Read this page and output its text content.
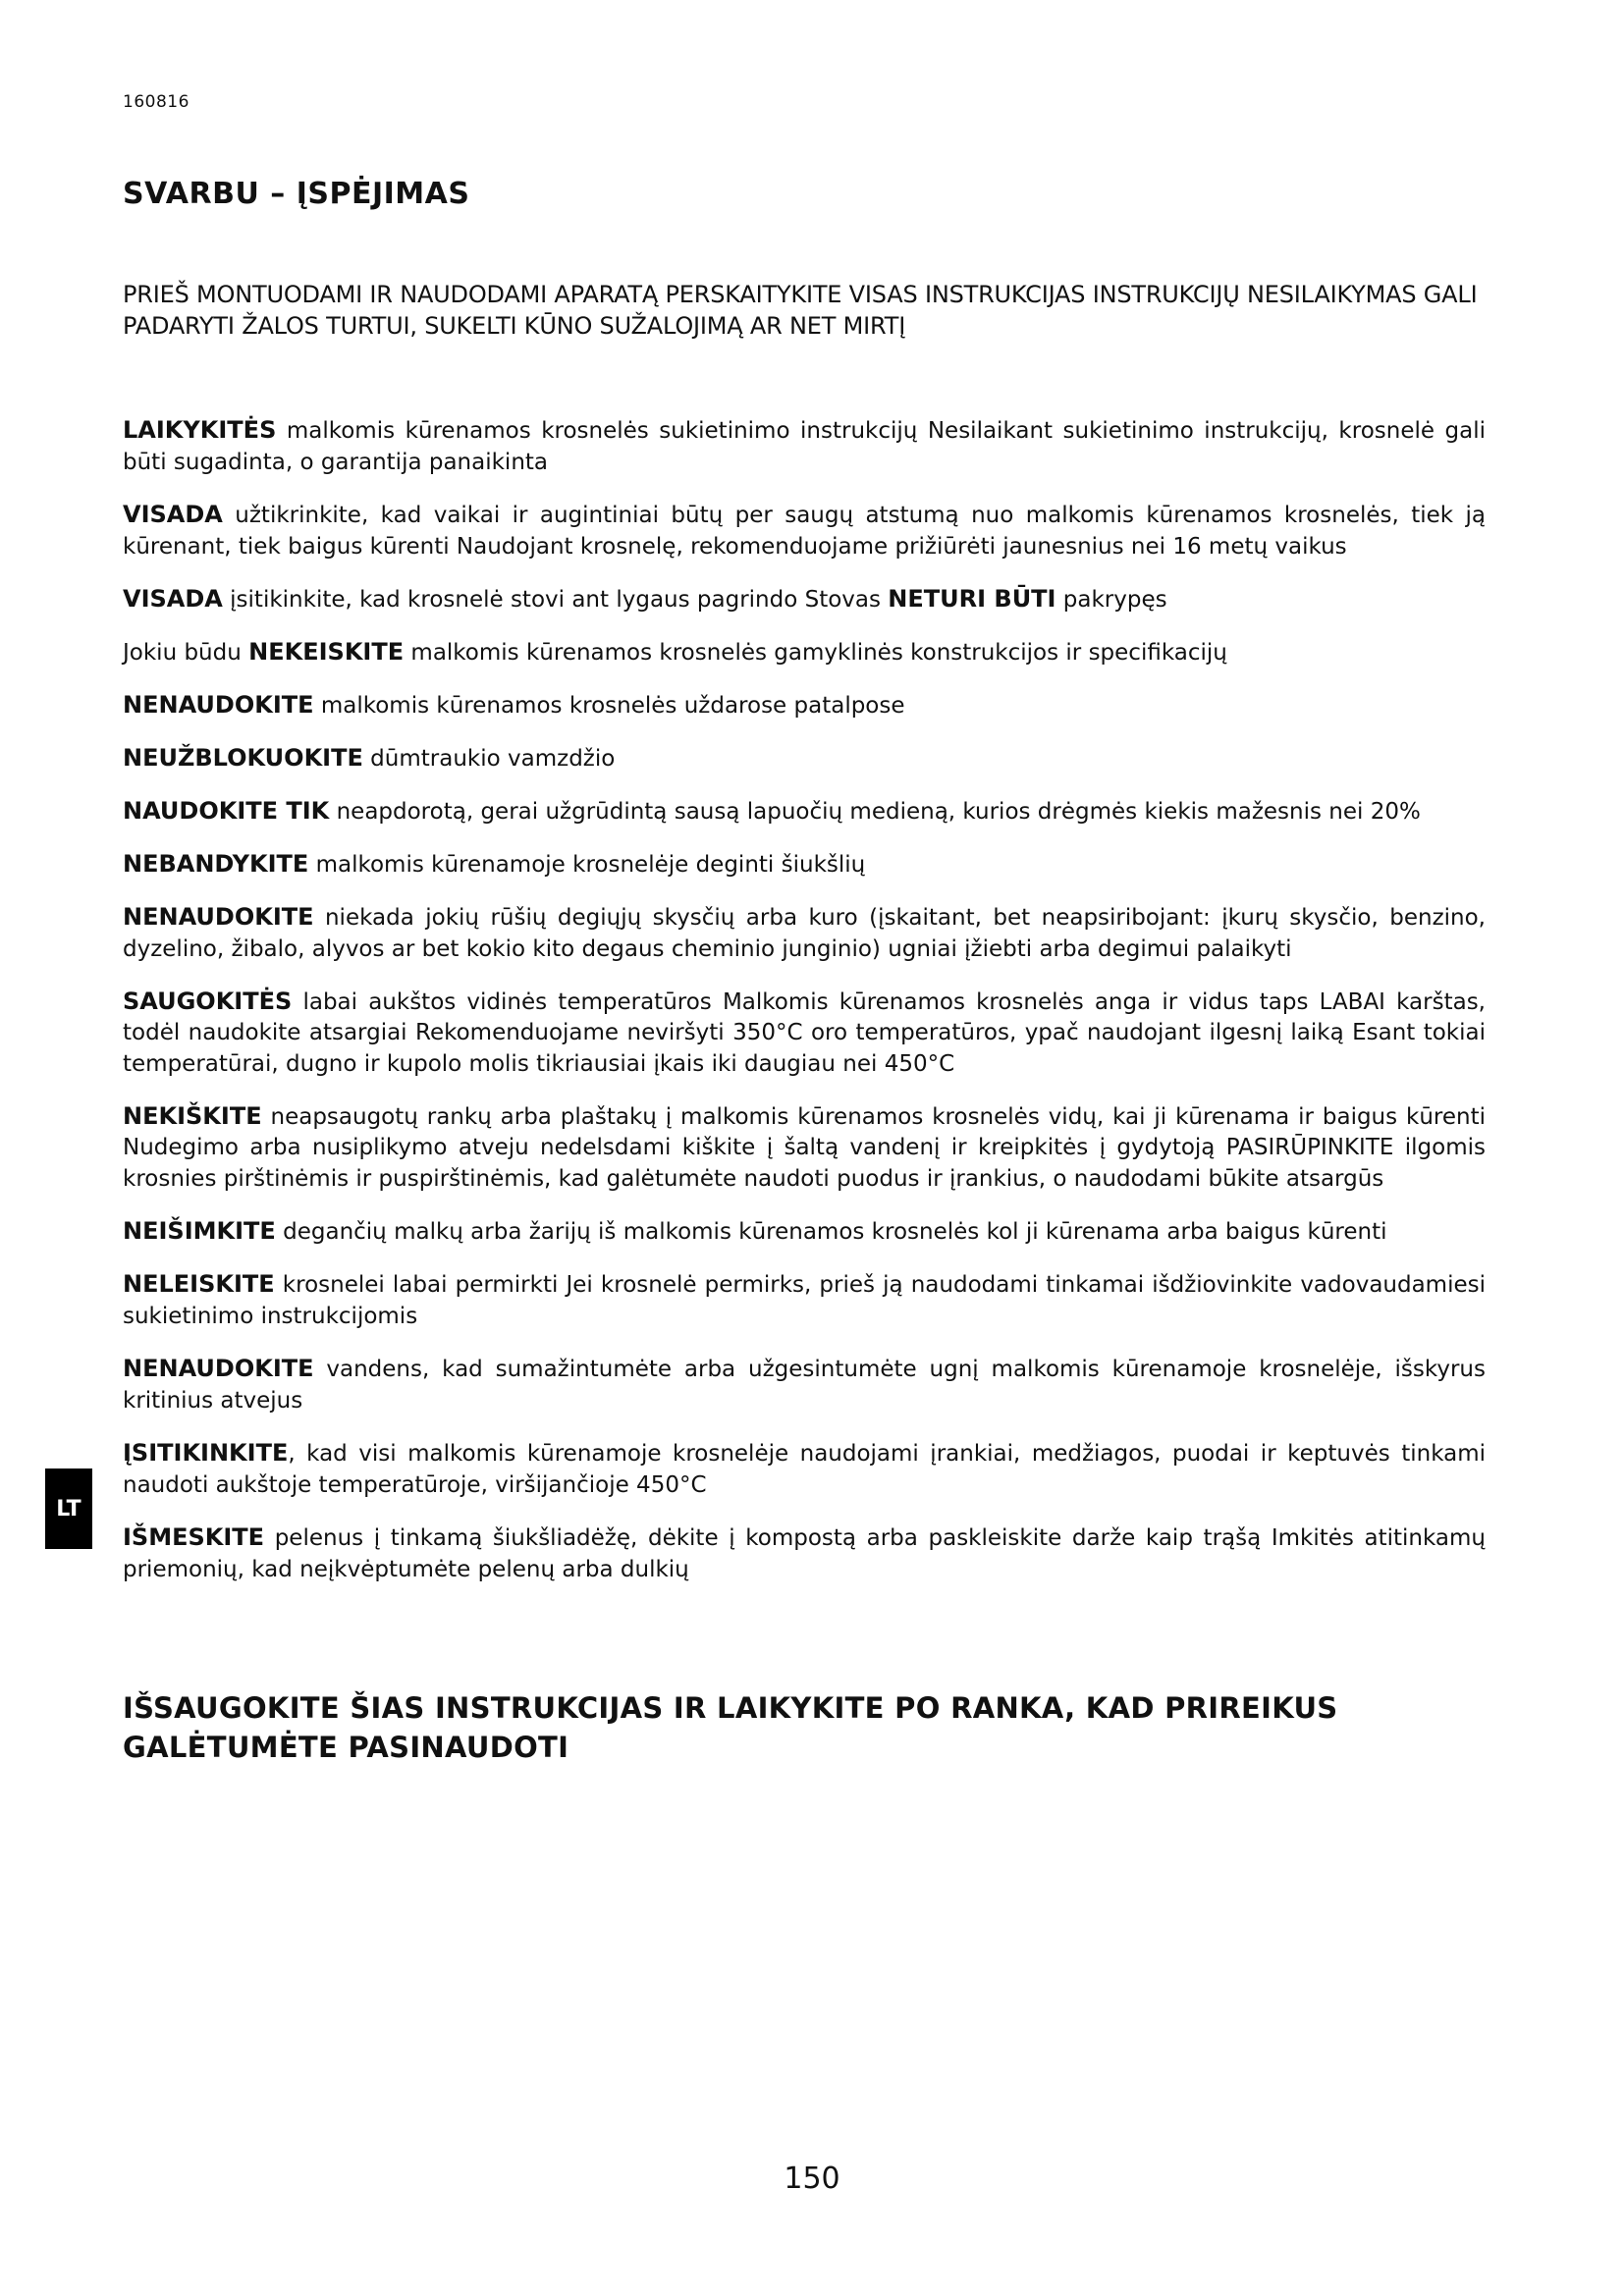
160816
SVARBU – ĮSPĖJIMAS

PRIEŠ MONTUODAMI IR NAUDODAMI APARATĄ PERSKAITYKITE VISAS INSTRUKCIJAS INSTRUKCIJŲ NESILAIKYMAS GALI PADARYTI ŽALOS TURTUI, SUKELTI KŪNO SUŽALOJIMĄ AR NET MIRTĮ

LAIKYKITĖS malkomis kūrenamos krosnelės sukietinimo instrukcijų Nesilaikant sukietinimo instrukcijų, krosnelė gali būti sugadinta, o garantija panaikinta

VISADA užtikrinkite, kad vaikai ir augintiniai būtų per saugų atstumą nuo malkomis kūrenamos krosnelės, tiek ją kūrenant, tiek baigus kūrenti Naudojant krosnelę, rekomenduojame prižiūrėti jaunesnius nei 16 metų vaikus

VISADA įsitikinkite, kad krosnelė stovi ant lygaus pagrindo Stovas NETURI BŪTI pakrypęs

Jokiu būdu NEKEISKITE malkomis kūrenamos krosnelės gamyklinės konstrukcijos ir specifikacijų

NENAUDOKITE malkomis kūrenamos krosnelės uždarose patalpose

NEUŽBLOKUOKITE dūmtraukio vamzdžio

NAUDOKITE TIK neapdorotą, gerai užgrūdintą sausą lapuočių medieną, kurios drėgmės kiekis mažesnis nei 20%

NEBANDYKITE malkomis kūrenamoje krosnelėje deginti šiukšlių

NENAUDOKITE niekada jokių rūšių degiųjų skysčių arba kuro (įskaitant, bet neapsiribojant: įkurų skysčio, benzino, dyzelino, žibalo, alyvos ar bet kokio kito degaus cheminio junginio) ugniai įžiebti arba degimui palaikyti

SAUGOKITĖS labai aukštos vidinės temperatūros Malkomis kūrenamos krosnelės anga ir vidus taps LABAI karštas, todėl naudokite atsargiai Rekomenduojame neviršyti 350°C oro temperatūros, ypač naudojant ilgesnį laiką Esant tokiai temperatūrai, dugno ir kupolo molis tikriausiai įkais iki daugiau nei 450°C

NEKIŠKITE neapsaugotų rankų arba plaštakų į malkomis kūrenamos krosnelės vidų, kai ji kūrenama ir baigus kūrenti Nudegimo arba nusiplikymo atveju nedelsdami kiškite į šaltą vandenį ir kreipkitės į gydytoją PASIRŪPINKITE ilgomis krosnies pirštinėmis ir puspirštinėmis, kad galėtumėte naudoti puodus ir įrankius, o naudodami būkite atsargūs

NEIŠIMKITE degančių malkų arba žarijų iš malkomis kūrenamos krosnelės kol ji kūrenama arba baigus kūrenti

NELEISKITE krosnelei labai permirkti Jei krosnelė permirks, prieš ją naudodami tinkamai išdžiovinkite vadovaudamiesi sukietinimo instrukcijomis

NENAUDOKITE vandens, kad sumažintumėte arba užgesintumėte ugnį malkomis kūrenamoje krosnelėje, išskyrus kritinius atvejus

ĮSITIKINKITE, kad visi malkomis kūrenamoje krosnelėje naudojami įrankiai, medžiagos, puodai ir keptuvės tinkami naudoti aukštoje temperatūroje, viršijančioje 450°C

IŠMESKITE pelenus į tinkamą šiukšliadėžę, dėkite į kompostą arba paskleiskite darže kaip trąšą Imkitės atitinkamų priemonių, kad neįkvėptumėte pelenų arba dulkių

LT
IŠSAUGOKITE ŠIAS INSTRUKCIJAS IR LAIKYKITE PO RANKA, KAD PRIREIKUS GALĖTUMĖTE PASINAUDOTI
150
